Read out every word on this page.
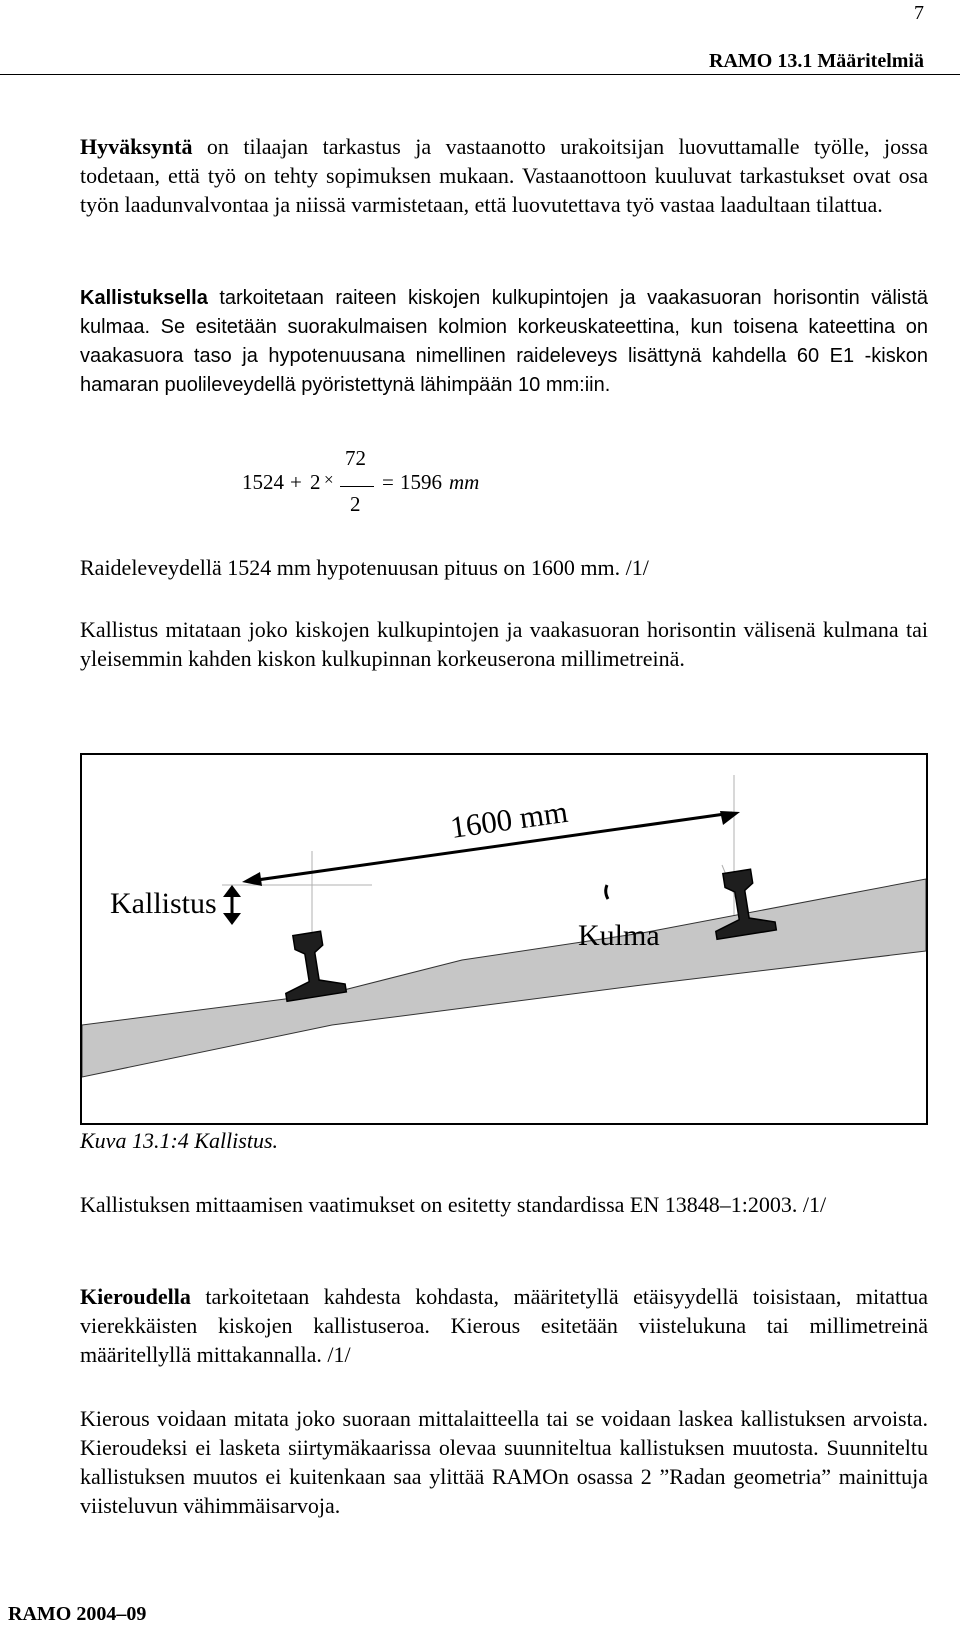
7
RAMO 13.1 Määritelmiä

Hyväksyntä on tilaajan tarkastus ja vastaanotto urakoitsijan luovuttamalle työlle, jossa todetaan, että työ on tehty sopimuksen mukaan. Vastaanottoon kuuluvat tarkastukset ovat osa työn laadunvalvontaa ja niissä varmistetaan, että luovutettava työ vastaa laadultaan tilattua.

Kallistuksella tarkoitetaan raiteen kiskojen kulkupintojen ja vaakasuoran horisontin välistä kulmaa. Se esitetään suorakulmaisen kolmion korkeuskateettina, kun toisena kateettina on vaakasuora taso ja hypotenuusana nimellinen raideleveys lisättynä kahdella 60 E1 -kiskon hamaran puolileveydellä pyöristettynä lähimpään 10 mm:iin.

1524 + 2 ×
72
2
= 1596 mm

Raideleveydellä 1524 mm hypotenuusan pituus on 1600 mm. /1/

Kallistus mitataan joko kiskojen kulkupintojen ja vaakasuoran horisontin välisenä kulmana tai yleisemmin kahden kiskon kulkupinnan korkeuserona millimetreinä.

1600 mm
Kallistus
Kulma
Kuva 13.1:4 Kallistus.

Kallistuksen mittaamisen vaatimukset on esitetty standardissa EN 13848–1:2003. /1/

Kieroudella tarkoitetaan kahdesta kohdasta, määritetyllä etäisyydellä toisistaan, mitattua vierekkäisten kiskojen kallistuseroa. Kierous esitetään viistelukuna tai millimetreinä määritellyllä mittakannalla. /1/

Kierous voidaan mitata joko suoraan mittalaitteella tai se voidaan laskea kallistuksen arvoista. Kieroudeksi ei lasketa siirtymäkaarissa olevaa suunniteltua kallistuksen muutosta. Suunniteltu kallistuksen muutos ei kuitenkaan saa ylittää RAMOn osassa 2 ”Radan geometria” mainittuja viisteluvun vähimmäisarvoja.

RAMO 2004–09
